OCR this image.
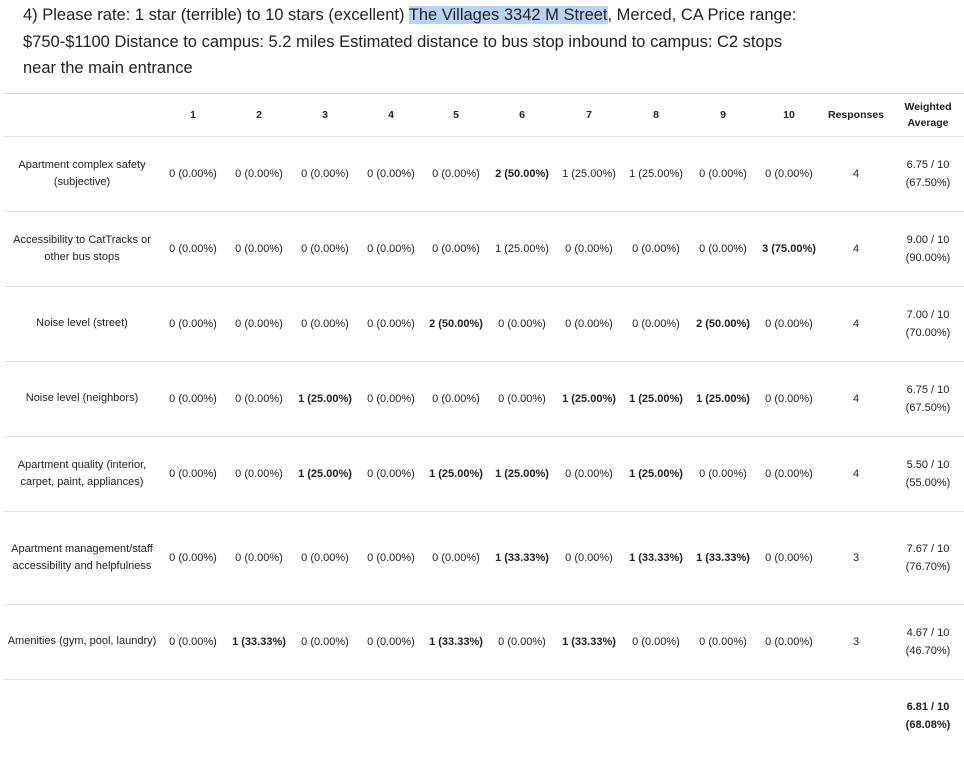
4) Please rate: 1 star (terrible) to 10 stars (excellent) The Villages 3342 M Street, Merced, CA Price range: $750-$1100 Distance to campus: 5.2 miles Estimated distance to bus stop inbound to campus: C2 stops near the main entrance
	1	2	3	4	5	6	7	8	9	10	Responses	Weighted Average
Apartment complex safety (subjective)	0 (0.00%)	0 (0.00%)	0 (0.00%)	0 (0.00%)	0 (0.00%)	2 (50.00%)	1 (25.00%)	1 (25.00%)	0 (0.00%)	0 (0.00%)	4	6.75 / 10
(67.50%)

Accessibility to CatTracks or other bus stops	0 (0.00%)	0 (0.00%)	0 (0.00%)	0 (0.00%)	0 (0.00%)	1 (25.00%)	0 (0.00%)	0 (0.00%)	0 (0.00%)	3 (75.00%)	4	9.00 / 10
(90.00%)

Noise level (street)	0 (0.00%)	0 (0.00%)	0 (0.00%)	0 (0.00%)	2 (50.00%)	0 (0.00%)	0 (0.00%)	0 (0.00%)	2 (50.00%)	0 (0.00%)	4	7.00 / 10
(70.00%)

Noise level (neighbors)	0 (0.00%)	0 (0.00%)	1 (25.00%)	0 (0.00%)	0 (0.00%)	0 (0.00%)	1 (25.00%)	1 (25.00%)	1 (25.00%)	0 (0.00%)	4	6.75 / 10
(67.50%)

Apartment quality (interior, carpet, paint, appliances)	0 (0.00%)	0 (0.00%)	1 (25.00%)	0 (0.00%)	1 (25.00%)	1 (25.00%)	0 (0.00%)	1 (25.00%)	0 (0.00%)	0 (0.00%)	4	5.50 / 10
(55.00%)

Apartment management/staff accessibility and helpfulness	0 (0.00%)	0 (0.00%)	0 (0.00%)	0 (0.00%)	0 (0.00%)	1 (33.33%)	0 (0.00%)	1 (33.33%)	1 (33.33%)	0 (0.00%)	3	7.67 / 10
(76.70%)

Amenities (gym, pool, laundry)	0 (0.00%)	1 (33.33%)	0 (0.00%)	0 (0.00%)	1 (33.33%)	0 (0.00%)	1 (33.33%)	0 (0.00%)	0 (0.00%)	0 (0.00%)	3	4.67 / 10
(46.70%)

												6.81 / 10
(68.08%)
